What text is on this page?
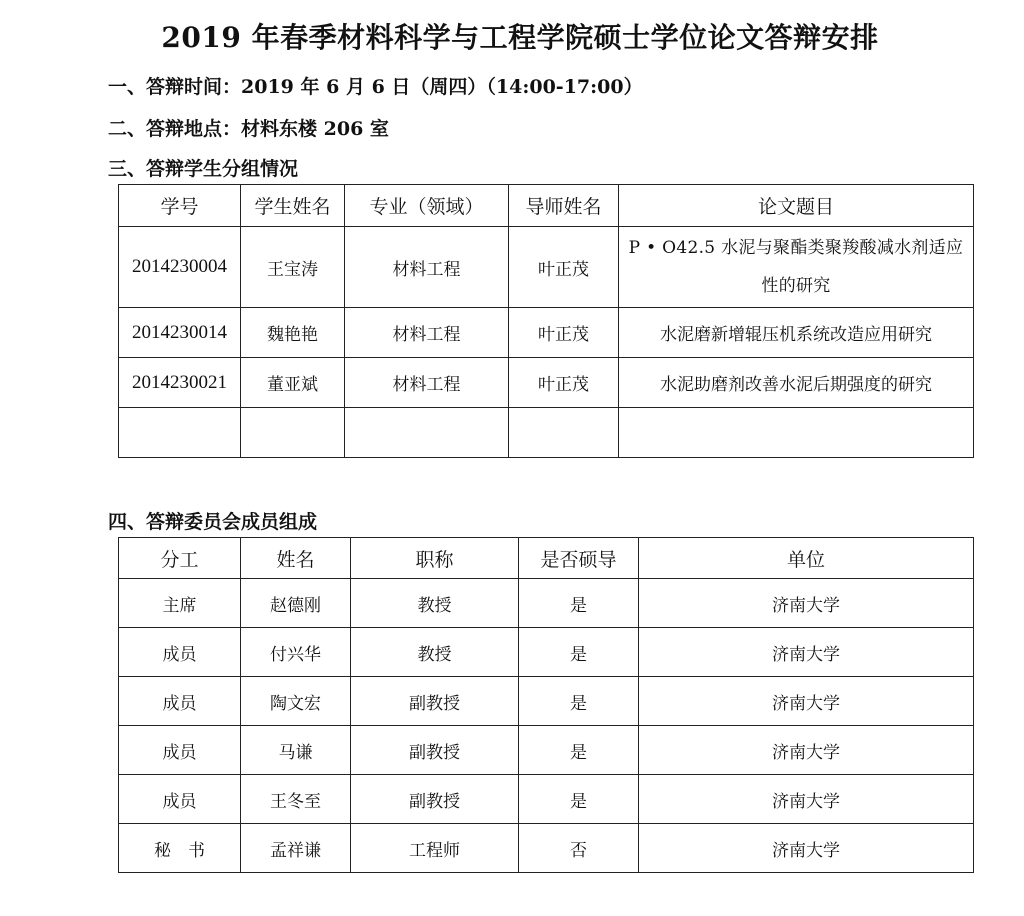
2019 年春季材料科学与工程学院硕士学位论文答辩安排
一、答辩时间：2019 年 6 月 6 日（周四）（14:00-17:00）
二、答辩地点：材料东楼 206 室
三、答辩学生分组情况
学号	学生姓名	专业（领域）	导师姓名	论文题目
2014230004	王宝涛	材料工程	叶正茂	P • O42.5 水泥与聚酯类聚羧酸减水剂适应性的研究
2014230014	魏艳艳	材料工程	叶正茂	水泥磨新增辊压机系统改造应用研究
2014230021	董亚斌	材料工程	叶正茂	水泥助磨剂改善水泥后期强度的研究

四、答辩委员会成员组成
分工	姓名	职称	是否硕导	单位
主席	赵德刚	教授	是	济南大学
成员	付兴华	教授	是	济南大学
成员	陶文宏	副教授	是	济南大学
成员	马谦	副教授	是	济南大学
成员	王冬至	副教授	是	济南大学
秘　书	孟祥谦	工程师	否	济南大学
